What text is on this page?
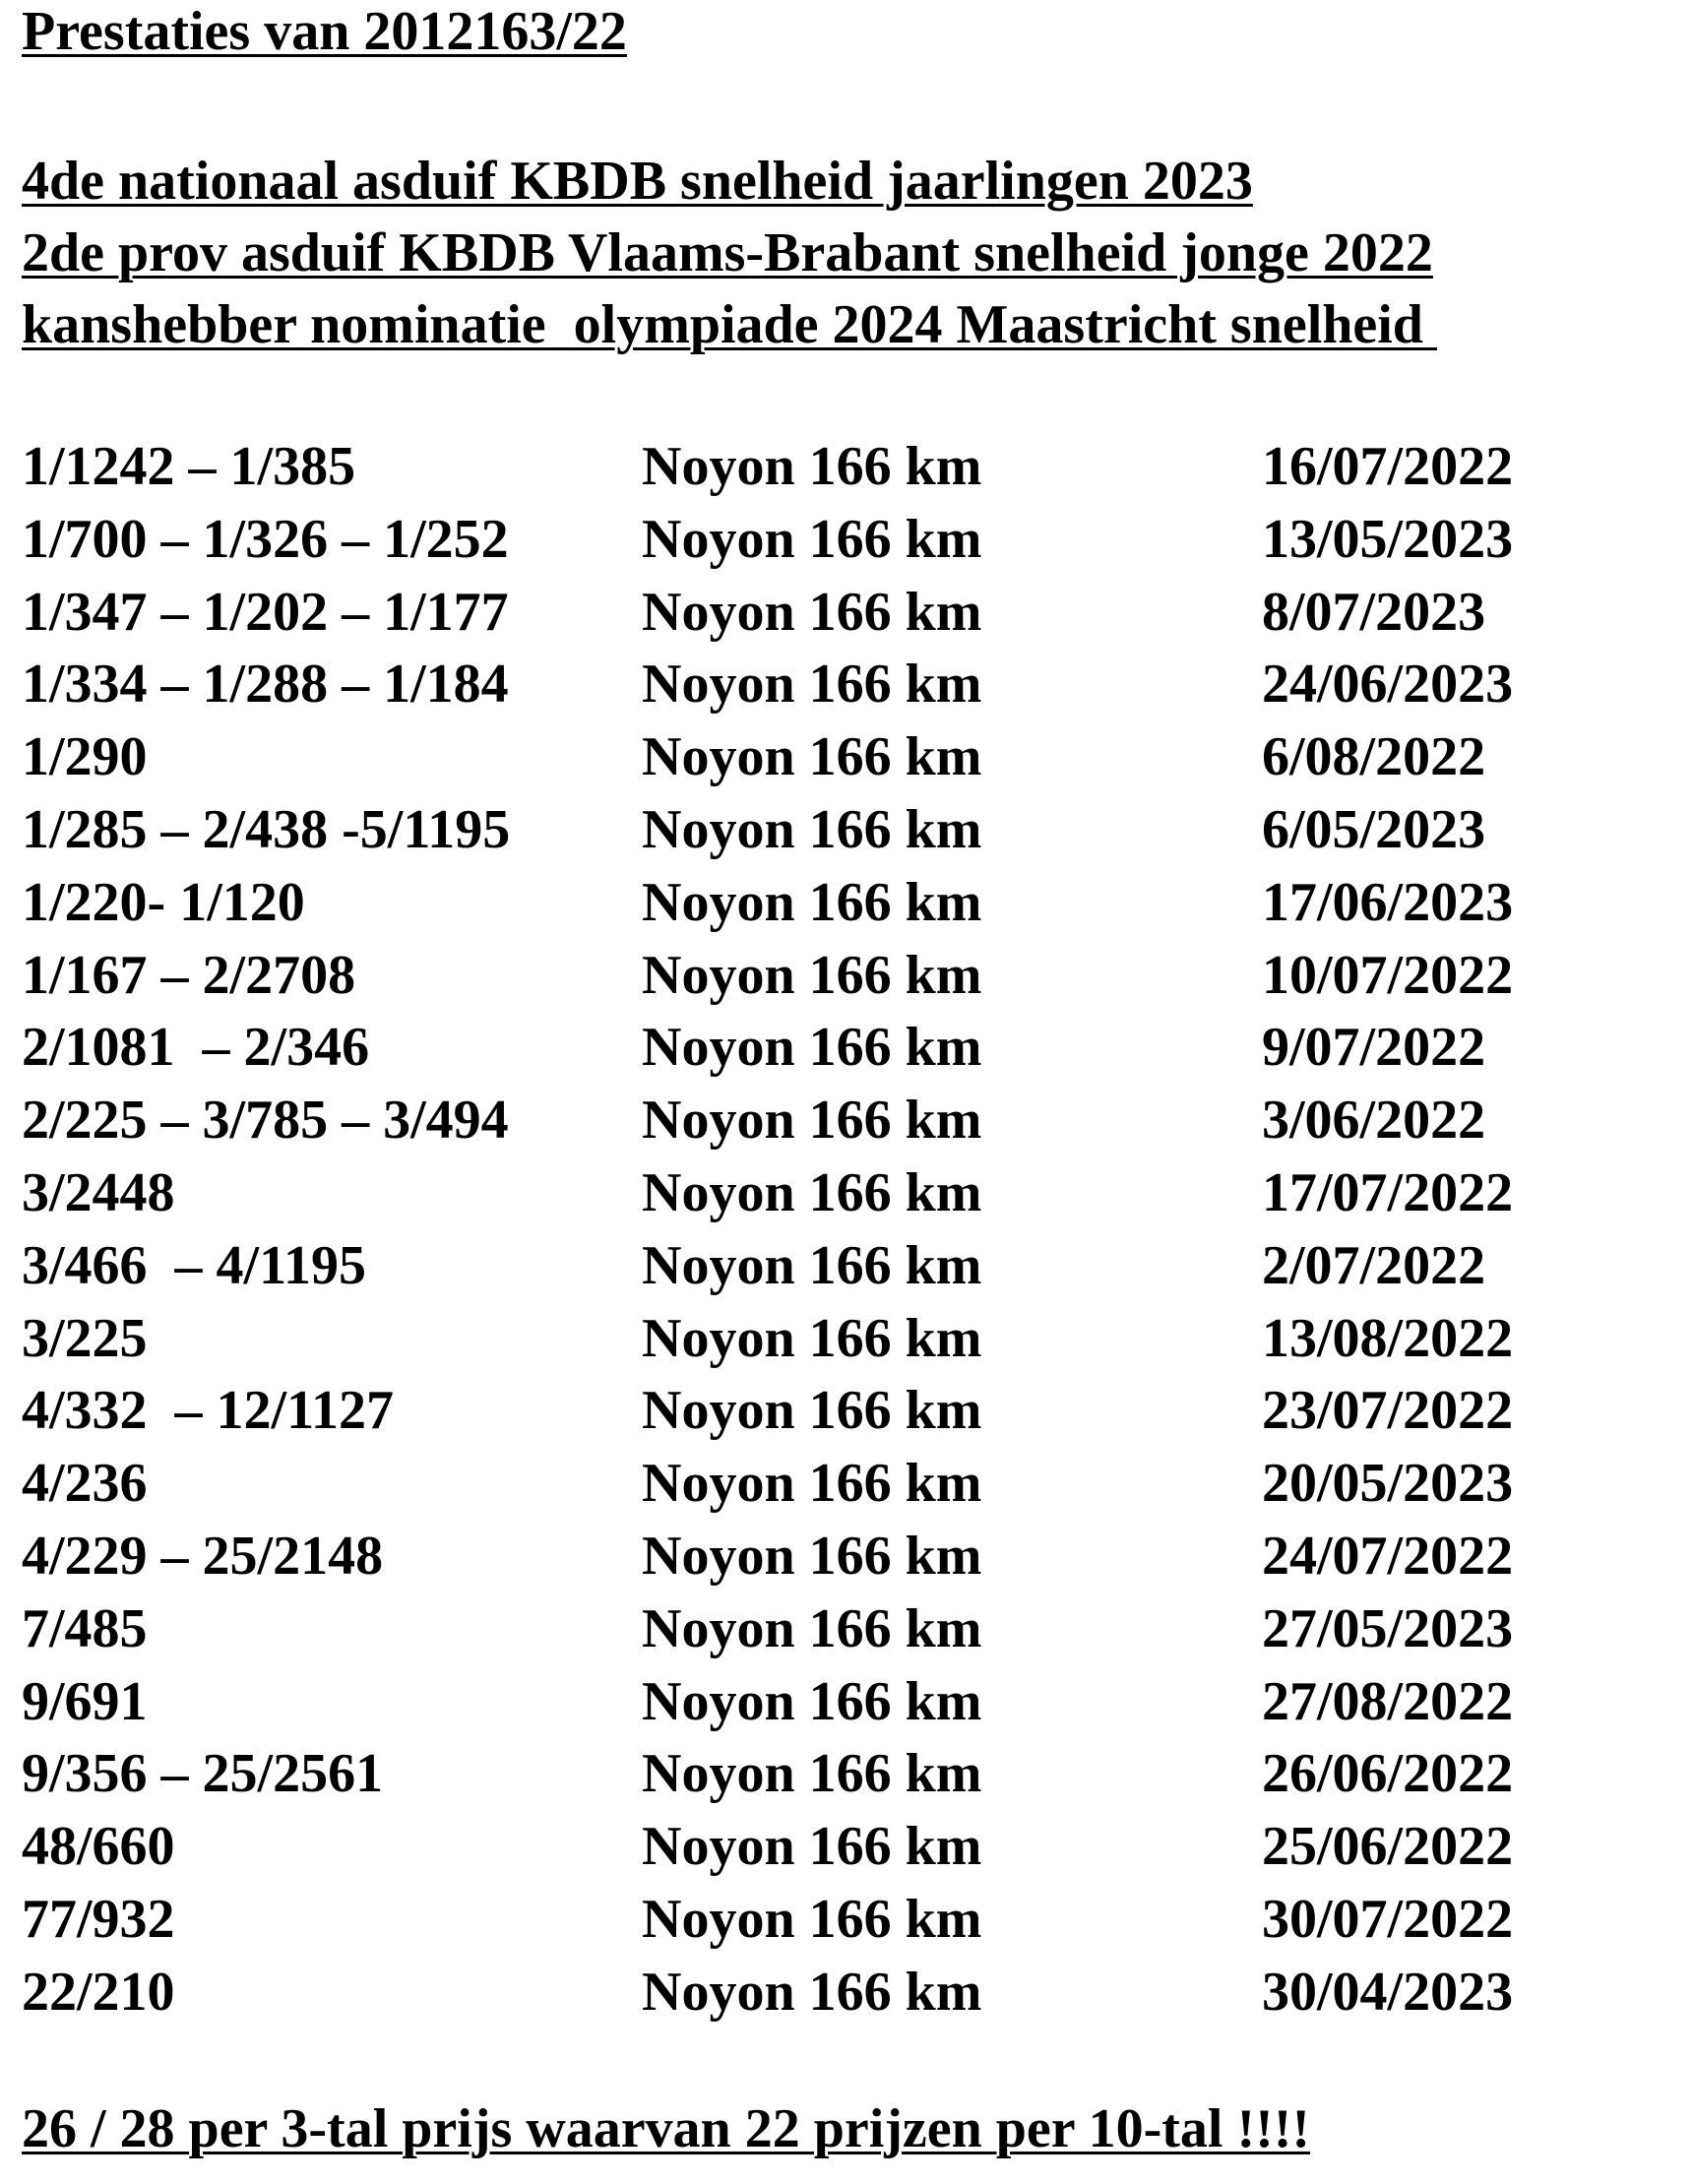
Prestaties van 2012163/22
4de nationaal asduif KBDB snelheid jaarlingen 2023
2de prov asduif KBDB Vlaams-Brabant snelheid jonge 2022
kanshebber nominatie  olympiade 2024 Maastricht snelheid
1/1242 – 1/385	Noyon 166 km	16/07/2022
1/700 – 1/326 – 1/252 Noyon 166 km	13/05/2023
1/347 – 1/202 – 1/177 Noyon 166 km	8/07/2023
1/334 – 1/288 – 1/184 Noyon 166 km	24/06/2023
1/290	Noyon 166 km	6/08/2022
1/285 – 2/438 -5/1195 Noyon 166 km	6/05/2023
1/220- 1/120	Noyon 166 km	17/06/2023
1/167 – 2/2708	Noyon 166 km	10/07/2022
2/1081  – 2/346	Noyon 166 km	9/07/2022
2/225 – 3/785 – 3/494 Noyon 166 km	3/06/2022
3/2448	Noyon 166 km	17/07/2022
3/466  – 4/1195	Noyon 166 km	2/07/2022
3/225	Noyon 166 km	13/08/2022
4/332  – 12/1127	Noyon 166 km	23/07/2022
4/236	Noyon 166 km	20/05/2023
4/229 – 25/2148	Noyon 166 km	24/07/2022
7/485	Noyon 166 km	27/05/2023
9/691	Noyon 166 km	27/08/2022
9/356 – 25/2561	Noyon 166 km	26/06/2022
48/660	Noyon 166 km	25/06/2022
77/932	Noyon 166 km	30/07/2022
22/210	Noyon 166 km	30/04/2023
26 / 28 per 3-tal prijs waarvan 22 prijzen per 10-tal !!!!
